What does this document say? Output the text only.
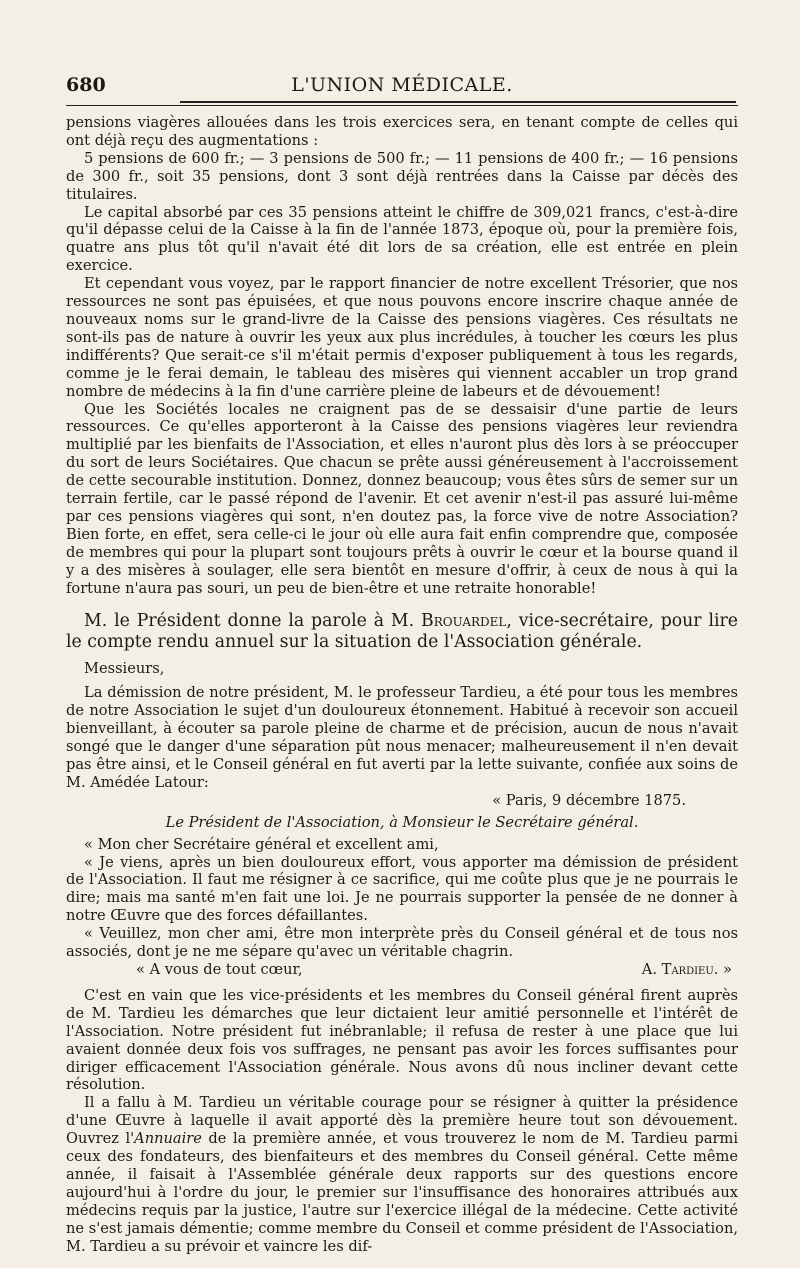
680	L'UNION MÉDICALE.

pensions viagères allouées dans les trois exercices sera, en tenant compte de celles qui ont déjà reçu des augmentations :

5 pensions de 600 fr.; — 3 pensions de 500 fr.; — 11 pensions de 400 fr.; — 16 pensions de 300 fr., soit 35 pensions, dont 3 sont déjà rentrées dans la Caisse par décès des titulaires.

Le capital absorbé par ces 35 pensions atteint le chiffre de 309,021 francs, c'est-à-dire qu'il dépasse celui de la Caisse à la fin de l'année 1873, époque où, pour la première fois, quatre ans plus tôt qu'il n'avait été dit lors de sa création, elle est entrée en plein exercice.

Et cependant vous voyez, par le rapport financier de notre excellent Trésorier, que nos ressources ne sont pas épuisées, et que nous pouvons encore inscrire chaque année de nouveaux noms sur le grand-livre de la Caisse des pensions viagères. Ces résultats ne sont-ils pas de nature à ouvrir les yeux aux plus incrédules, à toucher les cœurs les plus indifférents? Que serait-ce s'il m'était permis d'exposer publiquement à tous les regards, comme je le ferai demain, le tableau des misères qui viennent accabler un trop grand nombre de médecins à la fin d'une carrière pleine de labeurs et de dévouement!

Que les Sociétés locales ne craignent pas de se dessaisir d'une partie de leurs ressources. Ce qu'elles apporteront à la Caisse des pensions viagères leur reviendra multiplié par les bienfaits de l'Association, et elles n'auront plus dès lors à se préoccuper du sort de leurs Sociétaires. Que chacun se prête aussi généreusement à l'accroissement de cette secourable institution. Donnez, donnez beaucoup; vous êtes sûrs de semer sur un terrain fertile, car le passé répond de l'avenir. Et cet avenir n'est-il pas assuré lui-même par ces pensions viagères qui sont, n'en doutez pas, la force vive de notre Association? Bien forte, en effet, sera celle-ci le jour où elle aura fait enfin comprendre que, composée de membres qui pour la plupart sont toujours prêts à ouvrir le cœur et la bourse quand il y a des misères à soulager, elle sera bientôt en mesure d'offrir, à ceux de nous à qui la fortune n'aura pas souri, un peu de bien-être et une retraite honorable!

M. le Président donne la parole à M. Brouardel, vice-secrétaire, pour lire le compte rendu annuel sur la situation de l'Association générale.

Messieurs,

La démission de notre président, M. le professeur Tardieu, a été pour tous les membres de notre Association le sujet d'un douloureux étonnement. Habitué à recevoir son accueil bienveillant, à écouter sa parole pleine de charme et de précision, aucun de nous n'avait songé que le danger d'une séparation pût nous menacer; malheureusement il n'en devait pas être ainsi, et le Conseil général en fut averti par la lette suivante, confiée aux soins de M. Amédée Latour:

« Paris, 9 décembre 1875.

Le Président de l'Association, à Monsieur le Secrétaire général.

« Mon cher Secrétaire général et excellent ami,

« Je viens, après un bien douloureux effort, vous apporter ma démission de président de l'Association. Il faut me résigner à ce sacrifice, qui me coûte plus que je ne pourrais le dire; mais ma santé m'en fait une loi. Je ne pourrais supporter la pensée de ne donner à notre Œuvre que des forces défaillantes.

« Veuillez, mon cher ami, être mon interprète près du Conseil général et de tous nos associés, dont je ne me sépare qu'avec un véritable chagrin.

« A vous de tout cœur,	A. Tardieu. »

C'est en vain que les vice-présidents et les membres du Conseil général firent auprès de M. Tardieu les démarches que leur dictaient leur amitié personnelle et l'intérêt de l'Association. Notre président fut inébranlable; il refusa de rester à une place que lui avaient donnée deux fois vos suffrages, ne pensant pas avoir les forces suffisantes pour diriger efficacement l'Association générale. Nous avons dû nous incliner devant cette résolution.

Il a fallu à M. Tardieu un véritable courage pour se résigner à quitter la présidence d'une Œuvre à laquelle il avait apporté dès la première heure tout son dévouement. Ouvrez l'Annuaire de la première année, et vous trouverez le nom de M. Tardieu parmi ceux des fondateurs, des bienfaiteurs et des membres du Conseil général. Cette même année, il faisait à l'Assemblée générale deux rapports sur des questions encore aujourd'hui à l'ordre du jour, le premier sur l'insuffisance des honoraires attribués aux médecins requis par la justice, l'autre sur l'exercice illégal de la médecine. Cette activité ne s'est jamais démentie; comme membre du Conseil et comme président de l'Association, M. Tardieu a su prévoir et vaincre les dif-
